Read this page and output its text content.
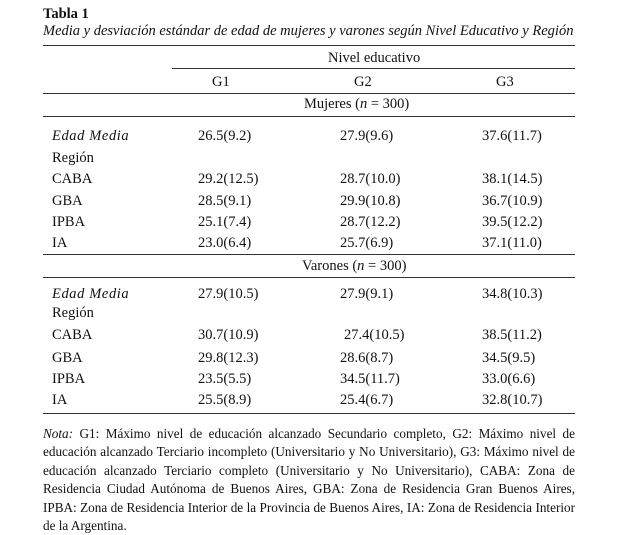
Tabla 1
Media y desviación estándar de edad de mujeres y varones según Nivel Educativo y Región
Nivel educativo
G1	G2	G3
Mujeres (n = 300)
Edad Media	26.5(9.2)	27.9(9.6)	37.6(11.7)
Región
CABA	29.2(12.5)	28.7(10.0)	38.1(14.5)
GBA	28.5(9.1)	29.9(10.8)	36.7(10.9)
IPBA	25.1(7.4)	28.7(12.2)	39.5(12.2)
IA	23.0(6.4)	25.7(6.9)	37.1(11.0)
Varones (n = 300)
Edad Media	27.9(10.5)	27.9(9.1)	34.8(10.3)
Región
CABA	30.7(10.9)	27.4(10.5)	38.5(11.2)
GBA	29.8(12.3)	28.6(8.7)	34.5(9.5)
IPBA	23.5(5.5)	34.5(11.7)	33.0(6.6)
IA	25.5(8.9)	25.4(6.7)	32.8(10.7)
Nota: G1: Máximo nivel de educación alcanzado Secundario completo, G2: Máximo nivel de educación alcanzado Terciario incompleto (Universitario y No Universitario), G3: Máximo nivel de educación alcanzado Terciario completo (Universitario y No Universitario), CABA: Zona de Residencia Ciudad Autónoma de Buenos Aires, GBA: Zona de Residencia Gran Buenos Aires, IPBA: Zona de Residencia Interior de la Provincia de Buenos Aires, IA: Zona de Residencia Interior de la Argentina.
